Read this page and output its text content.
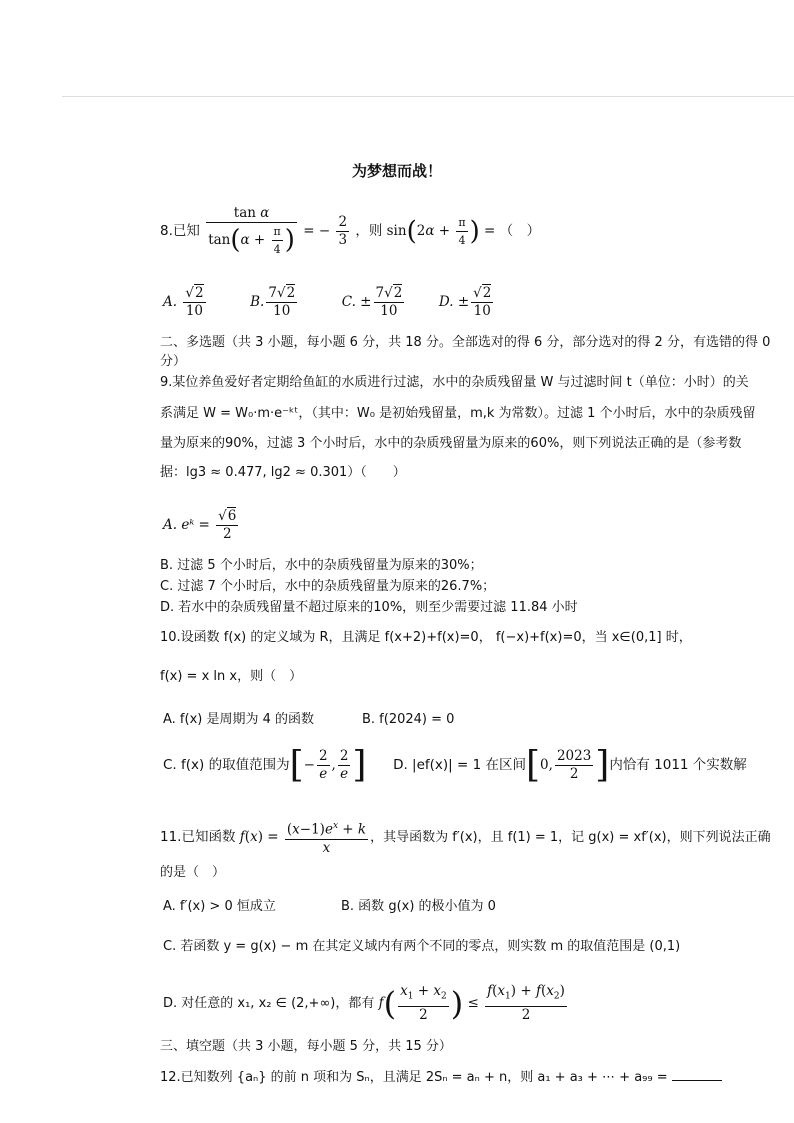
为梦想而战！
8.已知 $\frac{\text{tan α}}{\tan(\alpha + \frac{\pi}{4} )}$ = − $\frac{2}{3}$ ，则 $\sin(2\alpha + \frac{\pi}{4}$ ) = （　）
A. $\frac{√2}{10}$	B. $\frac{7√2}{10}$	C. ± $\frac{7√2}{10}$	D. ± $\frac{√2}{10}$
二、多选题（共 3 小题，每小题 6 分，共 18 分。全部选对的得 6 分，部分选对的得 2 分，有选错的得 0
分）
9.某位养鱼爱好者定期给鱼缸的水质进行过滤，水中的杂质残留量 W 与过滤时间 t（单位：小时）的关
系满足 W = W₀·m·e⁻ᵏᵗ，（其中：W₀ 是初始残留量，m,k 为常数）。过滤 1 个小时后，水中的杂质残留
量为原来的90%，过滤 3 个小时后，水中的杂质残留量为原来的60%，则下列说法正确的是（参考数
据：lg3 ≈ 0.477, lg2 ≈ 0.301）（　　）
A. eᵏ = $\frac{√6}{2}$
B. 过滤 5 个小时后，水中的杂质残留量为原来的30%；
C. 过滤 7 个小时后，水中的杂质残留量为原来的26.7%；
D. 若水中的杂质残留量不超过原来的10%，则至少需要过滤 11.84 小时
10.设函数 f(x) 的定义域为 R，且满足 f(x+2)+f(x)=0， f(−x)+f(x)=0，当 x∈(0,1] 时，
f(x) = x ln x，则（　）
A. f(x) 是周期为 4 的函数	B. f(2024) = 0
C. f(x) 的取值范围为[− $\frac{2}{e}$ , $\frac{2}{e}$ ] D. |ef(x)| = 1 在区间[0, $\frac{2023}{2}$ ]内恰有 1011 个实数解
11.已知函数 $f(x) = \frac{(x-1)e^x + k}{x}$ ，其导函数为 f′(x)，且 f(1) = 1，记 g(x) = xf′(x)，则下列说法正确
的是（　）
A. f′(x) > 0 恒成立	B. 函数 g(x) 的极小值为 0
C. 若函数 y = g(x) − m 在其定义域内有两个不同的零点，则实数 m 的取值范围是 (0,1)
D. 对任意的 x₁, x₂ ∈ (2,+∞)，都有 $f( \frac{x_1 + x_2}{2}$ ) ≤ $\frac{f(x_1) + f(x_2)}{2}$
三、填空题（共 3 小题，每小题 5 分，共 15 分）
12.已知数列 {aₙ} 的前 n 项和为 Sₙ，且满足 2Sₙ = aₙ + n，则 a₁ + a₃ + ⋯ + a₉₉ =
